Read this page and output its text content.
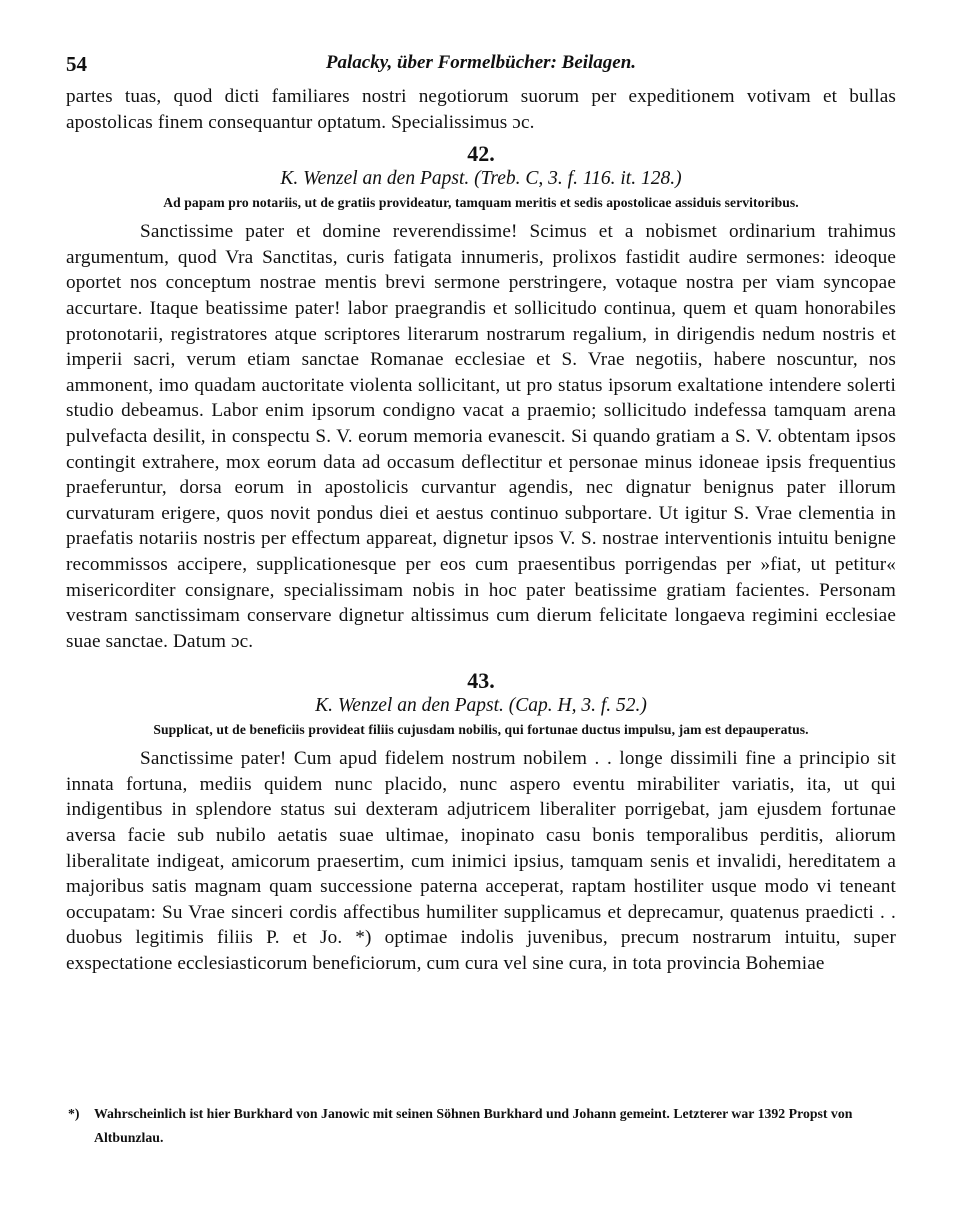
54	Palacky, über Formelbücher: Beilagen.

partes tuas, quod dicti familiares nostri negotiorum suorum per expeditionem votivam et bullas apostolicas finem consequantur optatum. Specialissimus ɔc.

42.
K. Wenzel an den Papst. (Treb. C, 3. f. 116. it. 128.)
Ad papam pro notariis, ut de gratiis provideatur, tamquam meritis et sedis apostolicae assiduis servitoribus.

Sanctissime pater et domine reverendissime! Scimus et a nobismet ordinarium trahimus argumentum, quod Vra Sanctitas, curis fatigata innumeris, prolixos fastidit audire sermones: ideoque oportet nos conceptum nostrae mentis brevi sermone perstringere, votaque nostra per viam syncopae accurtare. Itaque beatissime pater! labor praegrandis et sollicitudo continua, quem et quam honorabiles protonotarii, registratores atque scriptores literarum nostrarum regalium, in dirigendis nedum nostris et imperii sacri, verum etiam sanctae Romanae ecclesiae et S. Vrae negotiis, habere noscuntur, nos ammonent, imo quadam auctoritate violenta sollicitant, ut pro status ipsorum exaltatione intendere solerti studio debeamus. Labor enim ipsorum condigno vacat a praemio; sollicitudo indefessa tamquam arena pulvefacta desilit, in conspectu S. V. eorum memoria evanescit. Si quando gratiam a S. V. obtentam ipsos contingit extrahere, mox eorum data ad occasum deflectitur et personae minus idoneae ipsis frequentius praeferuntur, dorsa eorum in apostolicis curvantur agendis, nec dignatur benignus pater illorum curvaturam erigere, quos novit pondus diei et aestus continuo subportare. Ut igitur S. Vrae clementia in praefatis notariis nostris per effectum appareat, dignetur ipsos V. S. nostrae interventionis intuitu benigne recommissos accipere, supplicationesque per eos cum praesentibus porrigendas per »fiat, ut petitur« misericorditer consignare, specialissimam nobis in hoc pater beatissime gratiam facientes. Personam vestram sanctissimam conservare dignetur altissimus cum dierum felicitate longaeva regimini ecclesiae suae sanctae. Datum ɔc.

43.
K. Wenzel an den Papst. (Cap. H, 3. f. 52.)
Supplicat, ut de beneficiis provideat filiis cujusdam nobilis, qui fortunae ductus impulsu, jam est depauperatus.

Sanctissime pater! Cum apud fidelem nostrum nobilem . . longe dissimili fine a principio sit innata fortuna, mediis quidem nunc placido, nunc aspero eventu mirabiliter variatis, ita, ut qui indigentibus in splendore status sui dexteram adjutricem liberaliter porrigebat, jam ejusdem fortunae aversa facie sub nubilo aetatis suae ultimae, inopinato casu bonis temporalibus perditis, aliorum liberalitate indigeat, amicorum praesertim, cum inimici ipsius, tamquam senis et invalidi, hereditatem a majoribus satis magnam quam successione paterna acceperat, raptam hostiliter usque modo vi teneant occupatam: Su Vrae sinceri cordis affectibus humiliter supplicamus et deprecamur, quatenus praedicti . . duobus legitimis filiis P. et Jo. *) optimae indolis juvenibus, precum nostrarum intuitu, super exspectatione ecclesiasticorum beneficiorum, cum cura vel sine cura, in tota provincia Bohemiae

*) Wahrscheinlich ist hier Burkhard von Janowic mit seinen Söhnen Burkhard und Johann gemeint. Letzterer war 1392 Propst von Altbunzlau.
